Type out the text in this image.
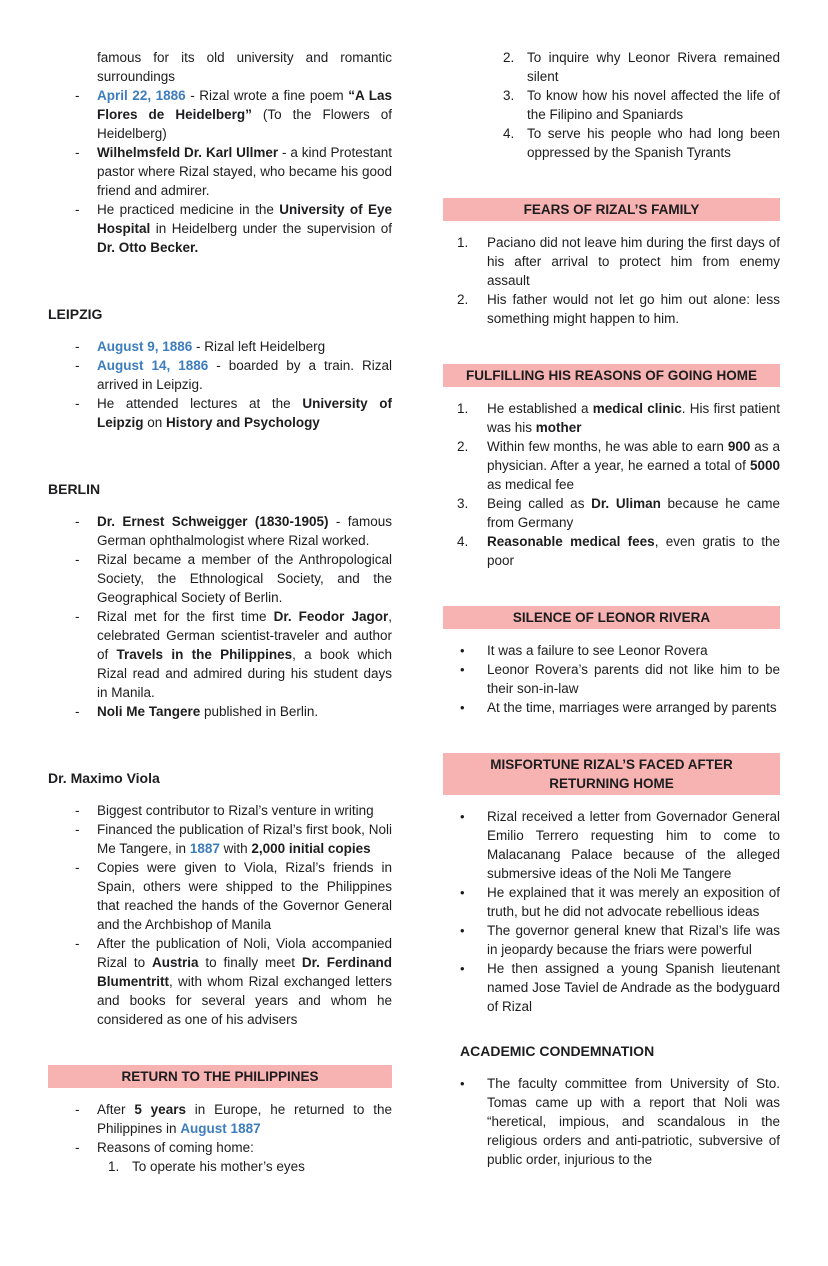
famous for its old university and romantic surroundings
- April 22, 1886 - Rizal wrote a fine poem “A Las Flores de Heidelberg” (To the Flowers of Heidelberg)
- Wilhelmsfeld Dr. Karl Ullmer - a kind Protestant pastor where Rizal stayed, who became his good friend and admirer.
- He practiced medicine in the University of Eye Hospital in Heidelberg under the supervision of Dr. Otto Becker.
LEIPZIG
- August 9, 1886 - Rizal left Heidelberg
- August 14, 1886 - boarded by a train. Rizal arrived in Leipzig.
- He attended lectures at the University of Leipzig on History and Psychology
BERLIN
- Dr. Ernest Schweigger (1830-1905) - famous German ophthalmologist where Rizal worked.
- Rizal became a member of the Anthropological Society, the Ethnological Society, and the Geographical Society of Berlin.
- Rizal met for the first time Dr. Feodor Jagor, celebrated German scientist-traveler and author of Travels in the Philippines, a book which Rizal read and admired during his student days in Manila.
- Noli Me Tangere published in Berlin.
Dr. Maximo Viola
- Biggest contributor to Rizal’s venture in writing
- Financed the publication of Rizal’s first book, Noli Me Tangere, in 1887 with 2,000 initial copies
- Copies were given to Viola, Rizal’s friends in Spain, others were shipped to the Philippines that reached the hands of the Governor General and the Archbishop of Manila
- After the publication of Noli, Viola accompanied Rizal to Austria to finally meet Dr. Ferdinand Blumentritt, with whom Rizal exchanged letters and books for several years and whom he considered as one of his advisers
RETURN TO THE PHILIPPINES
- After 5 years in Europe, he returned to the Philippines in August 1887
- Reasons of coming home:
1. To operate his mother’s eyes
2. To inquire why Leonor Rivera remained silent
3. To know how his novel affected the life of the Filipino and Spaniards
4. To serve his people who had long been oppressed by the Spanish Tyrants
FEARS OF RIZAL’S FAMILY
1. Paciano did not leave him during the first days of his after arrival to protect him from enemy assault
2. His father would not let go him out alone: less something might happen to him.
FULFILLING HIS REASONS OF GOING HOME
1. He established a medical clinic. His first patient was his mother
2. Within few months, he was able to earn 900 as a physician. After a year, he earned a total of 5000 as medical fee
3. Being called as Dr. Uliman because he came from Germany
4. Reasonable medical fees, even gratis to the poor
SILENCE OF LEONOR RIVERA
• It was a failure to see Leonor Rovera
• Leonor Rovera’s parents did not like him to be their son-in-law
• At the time, marriages were arranged by parents
MISFORTUNE RIZAL’S FACED AFTER RETURNING HOME
• Rizal received a letter from Governador General Emilio Terrero requesting him to come to Malacanang Palace because of the alleged submersive ideas of the Noli Me Tangere
• He explained that it was merely an exposition of truth, but he did not advocate rebellious ideas
• The governor general knew that Rizal’s life was in jeopardy because the friars were powerful
• He then assigned a young Spanish lieutenant named Jose Taviel de Andrade as the bodyguard of Rizal
ACADEMIC CONDEMNATION
• The faculty committee from University of Sto. Tomas came up with a report that Noli was “heretical, impious, and scandalous in the religious orders and anti-patriotic, subversive of public order, injurious to the
